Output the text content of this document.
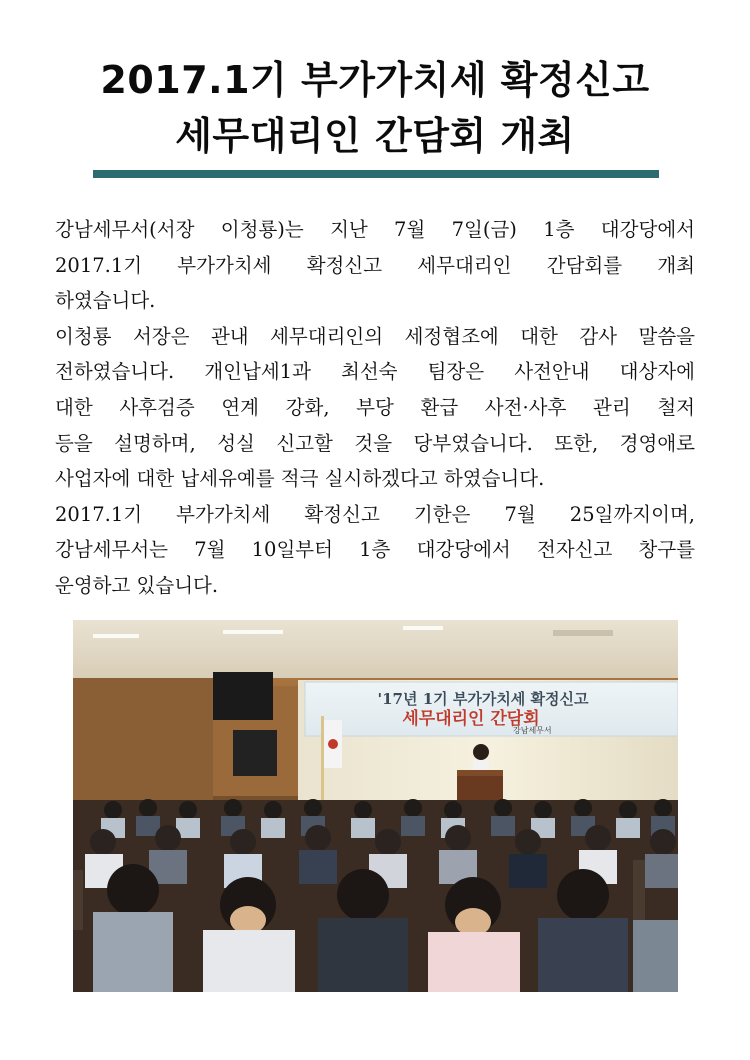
2017.1기 부가가치세 확정신고
세무대리인 간담회 개최
강남세무서(서장 이청룡)는 지난 7월 7일(금) 1층 대강당에서
2017.1기 부가가치세 확정신고 세무대리인 간담회를 개최
하였습니다.
이청룡 서장은 관내 세무대리인의 세정협조에 대한 감사 말씀을
전하였습니다. 개인납세1과 최선숙 팀장은 사전안내 대상자에
대한 사후검증 연계 강화, 부당 환급 사전·사후 관리 철저
등을 설명하며, 성실 신고할 것을 당부였습니다. 또한, 경영애로
사업자에 대한 납세유예를 적극 실시하겠다고 하였습니다.
2017.1기 부가가치세 확정신고 기한은 7월 25일까지이며,
강남세무서는 7월 10일부터 1층 대강당에서 전자신고 창구를
운영하고 있습니다.
'17년 1기 부가가치세 확정신고
세무대리인 간담회
강남세무서
